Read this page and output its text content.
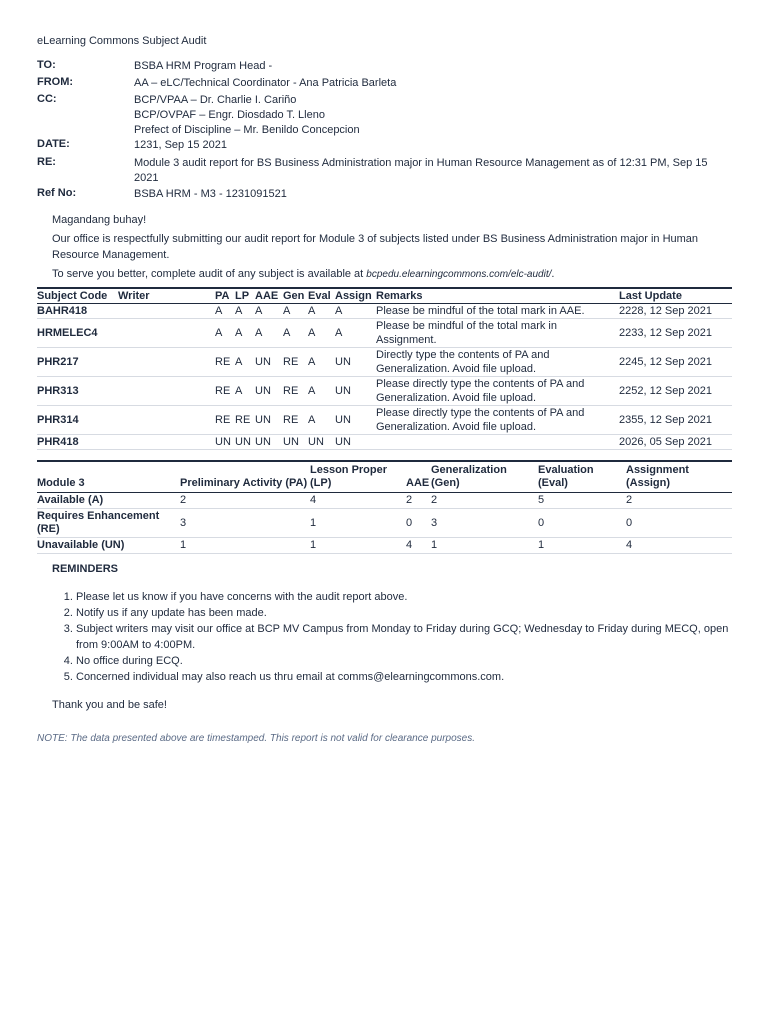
eLearning Commons Subject Audit
TO:	BSBA HRM Program Head -
FROM:	AA – eLC/Technical Coordinator - Ana Patricia Barleta
CC:	BCP/VPAA – Dr. Charlie I. Cariño
BCP/OVPAF – Engr. Diosdado T. Lleno
Prefect of Discipline – Mr. Benildo Concepcion
DATE:	1231, Sep 15 2021
RE:	Module 3 audit report for BS Business Administration major in Human Resource Management as of 12:31 PM, Sep 15 2021
Ref No:	BSBA HRM - M3 - 1231091521
Magandang buhay!
Our office is respectfully submitting our audit report for Module 3 of subjects listed under BS Business Administration major in Human Resource Management.
To serve you better, complete audit of any subject is available at bcpedu.elearningcommons.com/elc-audit/.
Subject Code	Writer	PA	LP	AAE	Gen	Eval	Assign	Remarks	Last Update
BAHR418		A	A	A	A	A	A	Please be mindful of the total mark in AAE.	2228, 12 Sep 2021
HRMELEC4		A	A	A	A	A	A	Please be mindful of the total mark in Assignment.	2233, 12 Sep 2021
PHR217		RE	A	UN	RE	A	UN	Directly type the contents of PA and Generalization. Avoid file upload.	2245, 12 Sep 2021
PHR313		RE	A	UN	RE	A	UN	Please directly type the contents of PA and Generalization. Avoid file upload.	2252, 12 Sep 2021
PHR314		RE	RE	UN	RE	A	UN	Please directly type the contents of PA and Generalization. Avoid file upload.	2355, 12 Sep 2021
PHR418		UN	UN	UN	UN	UN	UN		2026, 05 Sep 2021
Module 3	Preliminary Activity (PA)	Lesson Proper (LP)	AAE	Generalization (Gen)	Evaluation (Eval)	Assignment (Assign)
Available (A)	2	4	2	2	5	2
Requires Enhancement (RE)	3	1	0	3	0	0
Unavailable (UN)	1	1	4	1	1	4
REMINDERS
1. Please let us know if you have concerns with the audit report above.
2. Notify us if any update has been made.
3. Subject writers may visit our office at BCP MV Campus from Monday to Friday during GCQ; Wednesday to Friday during MECQ, open from 9:00AM to 4:00PM.
4. No office during ECQ.
5. Concerned individual may also reach us thru email at comms@elearningcommons.com.
Thank you and be safe!
NOTE: The data presented above are timestamped. This report is not valid for clearance purposes.
